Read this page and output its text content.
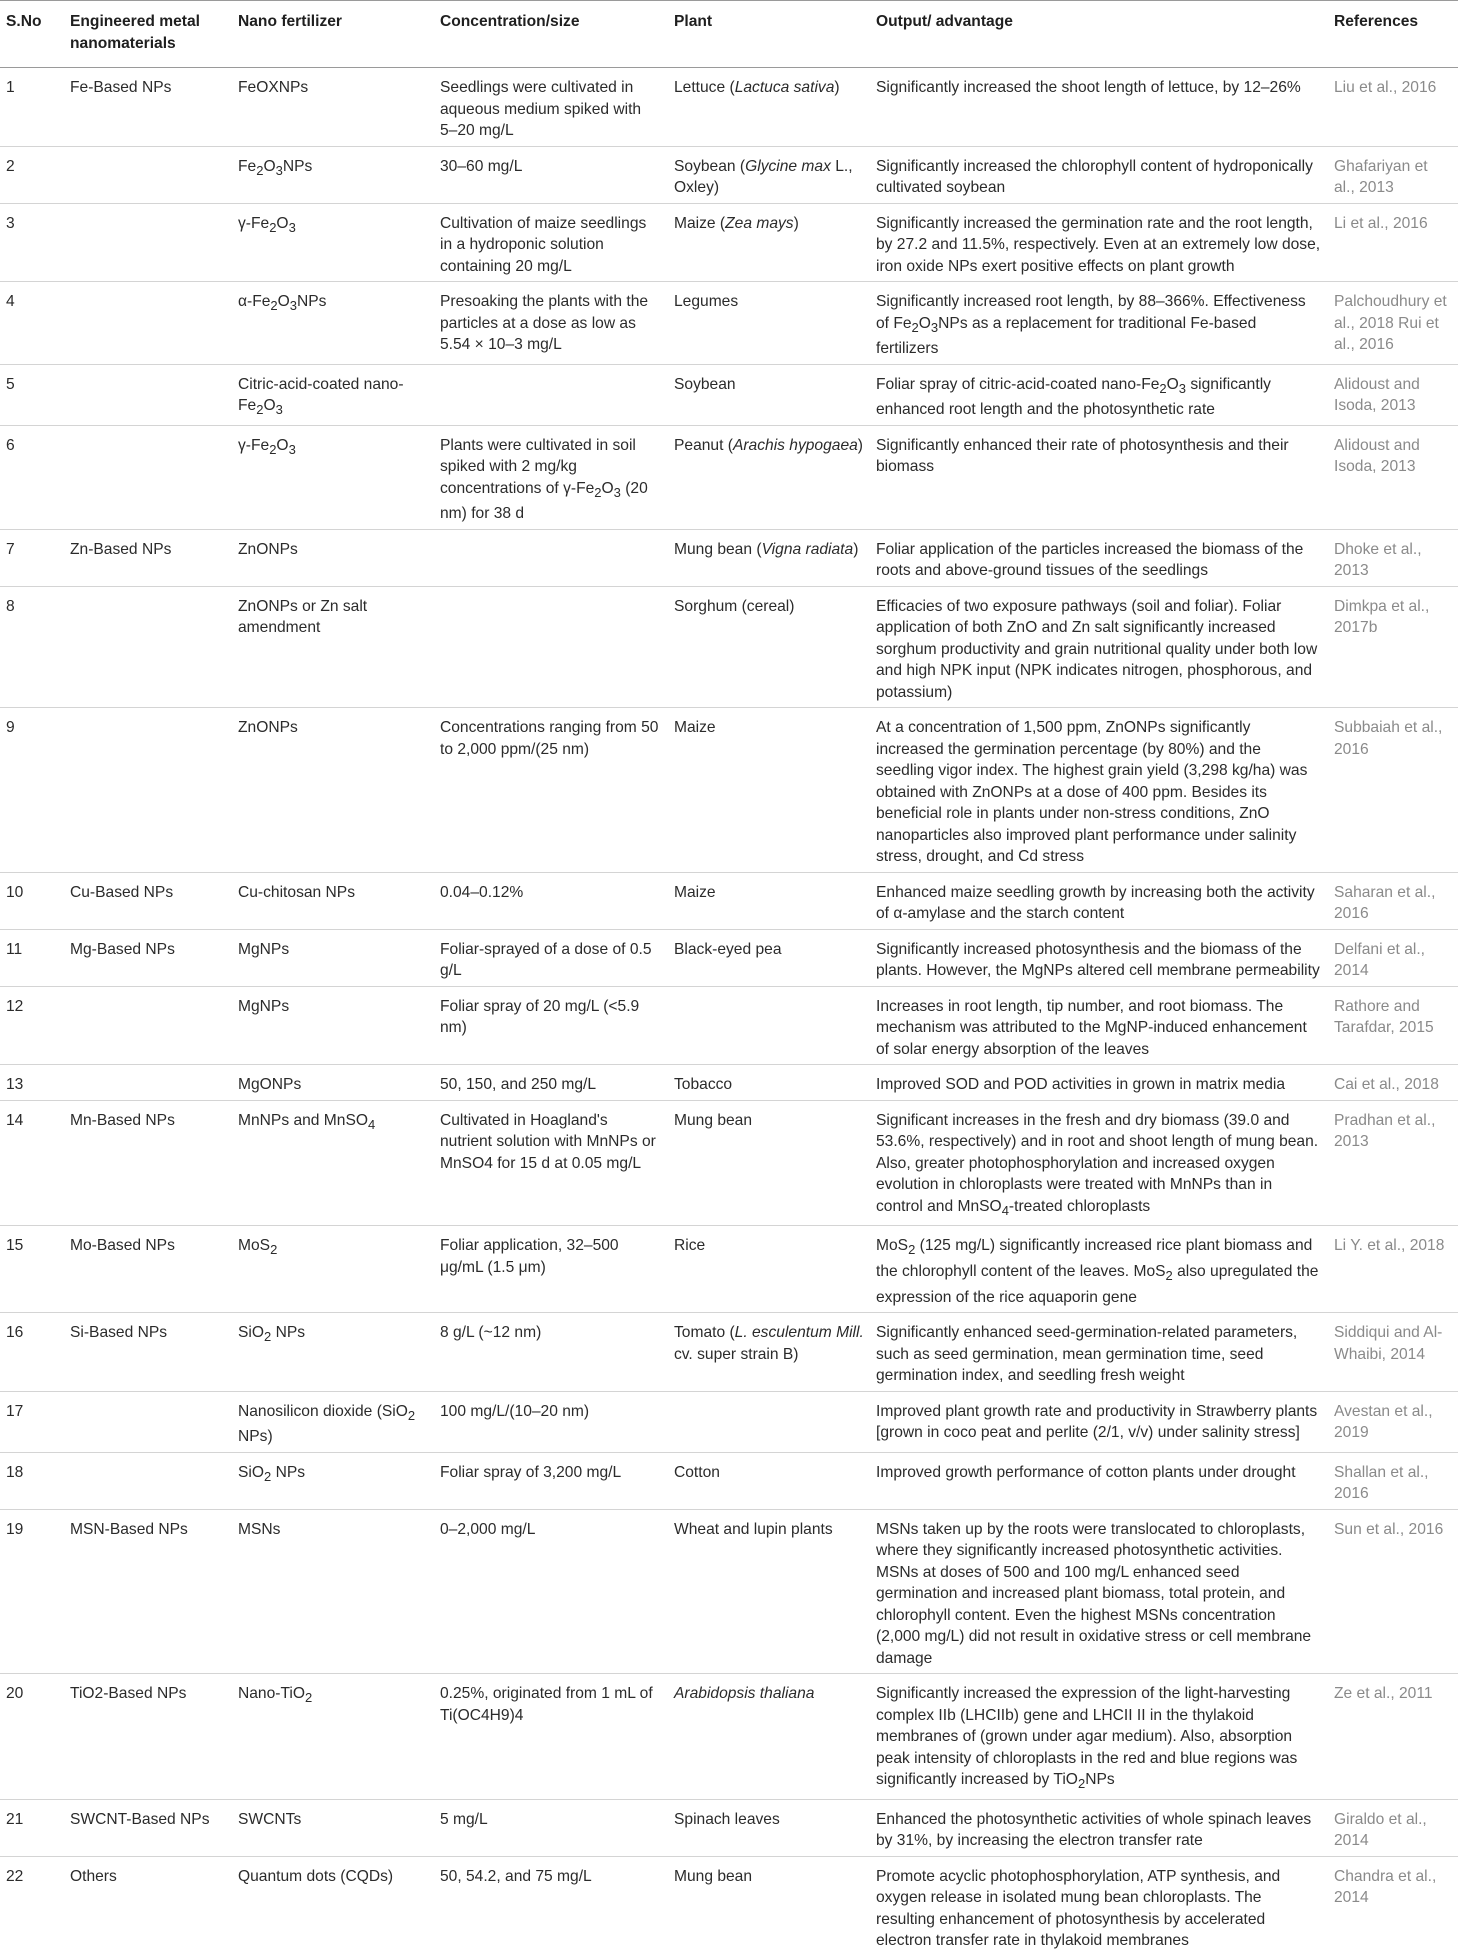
S.No	Engineered metal nanomaterials	Nano fertilizer	Concentration/size	Plant	Output/ advantage	References
1	Fe-Based NPs	FeOXNPs	Seedlings were cultivated in aqueous medium spiked with 5–20 mg/L	Lettuce (Lactuca sativa)	Significantly increased the shoot length of lettuce, by 12–26%	Liu et al., 2016
2		$Fe_2O_3NPs$	30–60 mg/L	Soybean (Glycine max L., Oxley)	Significantly increased the chlorophyll content of hydroponically cultivated soybean	Ghafariyan et al., 2013
3		$\gamma-Fe_2O_3$	Cultivation of maize seedlings in a hydroponic solution containing 20 mg/L	Maize (Zea mays)	Significantly increased the germination rate and the root length, by 27.2 and 11.5%, respectively. Even at an extremely low dose, iron oxide NPs exert positive effects on plant growth	Li et al., 2016
4		$\alpha-Fe_2O_3NPs$	Presoaking the plants with the particles at a dose as low as 5.54 × 10–3 mg/L	Legumes	Significantly increased root length, by 88–366%. Effectiveness of $Fe_2O_3NPs$ as a replacement for traditional Fe-based fertilizers	Palchoudhury et al., 2018 Rui et al., 2016
5		Citric-acid-coated nano-$Fe_2O_3$		Soybean	Foliar spray of citric-acid-coated nano-$Fe_2O_3$ significantly enhanced root length and the photosynthetic rate	Alidoust and Isoda, 2013
6		$\gamma-Fe_2O_3$	Plants were cultivated in soil spiked with 2 mg/kg concentrations of $\gamma-Fe_2O_3$ (20 nm) for 38 d	Peanut (Arachis hypogaea)	Significantly enhanced their rate of photosynthesis and their biomass	Alidoust and Isoda, 2013
7	Zn-Based NPs	ZnONPs		Mung bean (Vigna radiata)	Foliar application of the particles increased the biomass of the roots and above-ground tissues of the seedlings	Dhoke et al., 2013
8		ZnONPs or Zn salt amendment		Sorghum (cereal)	Efficacies of two exposure pathways (soil and foliar). Foliar application of both ZnO and Zn salt significantly increased sorghum productivity and grain nutritional quality under both low and high NPK input (NPK indicates nitrogen, phosphorous, and potassium)	Dimkpa et al., 2017b
9		ZnONPs	Concentrations ranging from 50 to 2,000 ppm/(25 nm)	Maize	At a concentration of 1,500 ppm, ZnONPs significantly increased the germination percentage (by 80%) and the seedling vigor index. The highest grain yield (3,298 kg/ha) was obtained with ZnONPs at a dose of 400 ppm. Besides its beneficial role in plants under non-stress conditions, ZnO nanoparticles also improved plant performance under salinity stress, drought, and Cd stress	Subbaiah et al., 2016
10	Cu-Based NPs	Cu-chitosan NPs	0.04–0.12%	Maize	Enhanced maize seedling growth by increasing both the activity of α-amylase and the starch content	Saharan et al., 2016
11	Mg-Based NPs	MgNPs	Foliar-sprayed of a dose of 0.5 g/L	Black-eyed pea	Significantly increased photosynthesis and the biomass of the plants. However, the MgNPs altered cell membrane permeability	Delfani et al., 2014
12		MgNPs	Foliar spray of 20 mg/L (<5.9 nm)		Increases in root length, tip number, and root biomass. The mechanism was attributed to the MgNP-induced enhancement of solar energy absorption of the leaves	Rathore and Tarafdar, 2015
13		MgONPs	50, 150, and 250 mg/L	Tobacco	Improved SOD and POD activities in grown in matrix media	Cai et al., 2018
14	Mn-Based NPs	MnNPs and MnSO$_4$	Cultivated in Hoagland's nutrient solution with MnNPs or MnSO4 for 15 d at 0.05 mg/L	Mung bean	Significant increases in the fresh and dry biomass (39.0 and 53.6%, respectively) and in root and shoot length of mung bean. Also, greater photophosphorylation and increased oxygen evolution in chloroplasts were treated with MnNPs than in control and MnSO$_4$-treated chloroplasts	Pradhan et al., 2013
15	Mo-Based NPs	MoS$_2$	Foliar application, 32–500 μg/mL (1.5 μm)	Rice	MoS$_2$ (125 mg/L) significantly increased rice plant biomass and the chlorophyll content of the leaves. MoS$_2$ also upregulated the expression of the rice aquaporin gene	Li Y. et al., 2018
16	Si-Based NPs	SiO$_2$ NPs	8 g/L (~12 nm)	Tomato (L. esculentum Mill. cv. super strain B)	Significantly enhanced seed-germination-related parameters, such as seed germination, mean germination time, seed germination index, and seedling fresh weight	Siddiqui and Al-Whaibi, 2014
17		Nanosilicon dioxide (SiO$_2$ NPs)	100 mg/L/(10–20 nm)		Improved plant growth rate and productivity in Strawberry plants [grown in coco peat and perlite (2/1, v/v) under salinity stress]	Avestan et al., 2019
18		SiO$_2$ NPs	Foliar spray of 3,200 mg/L	Cotton	Improved growth performance of cotton plants under drought	Shallan et al., 2016
19	MSN-Based NPs	MSNs	0–2,000 mg/L	Wheat and lupin plants	MSNs taken up by the roots were translocated to chloroplasts, where they significantly increased photosynthetic activities. MSNs at doses of 500 and 100 mg/L enhanced seed germination and increased plant biomass, total protein, and chlorophyll content. Even the highest MSNs concentration (2,000 mg/L) did not result in oxidative stress or cell membrane damage	Sun et al., 2016
20	TiO2-Based NPs	Nano-TiO$_2$	0.25%, originated from 1 mL of Ti(OC4H9)4	Arabidopsis thaliana	Significantly increased the expression of the light-harvesting complex IIb (LHCIIb) gene and LHCII II in the thylakoid membranes of (grown under agar medium). Also, absorption peak intensity of chloroplasts in the red and blue regions was significantly increased by TiO$_2$NPs	Ze et al., 2011
21	SWCNT-Based NPs	SWCNTs	5 mg/L	Spinach leaves	Enhanced the photosynthetic activities of whole spinach leaves by 31%, by increasing the electron transfer rate	Giraldo et al., 2014
22	Others	Quantum dots (CQDs)	50, 54.2, and 75 mg/L	Mung bean	Promote acyclic photophosphorylation, ATP synthesis, and oxygen release in isolated mung bean chloroplasts. The resulting enhancement of photosynthesis by accelerated electron transfer rate in thylakoid membranes	Chandra et al., 2014
